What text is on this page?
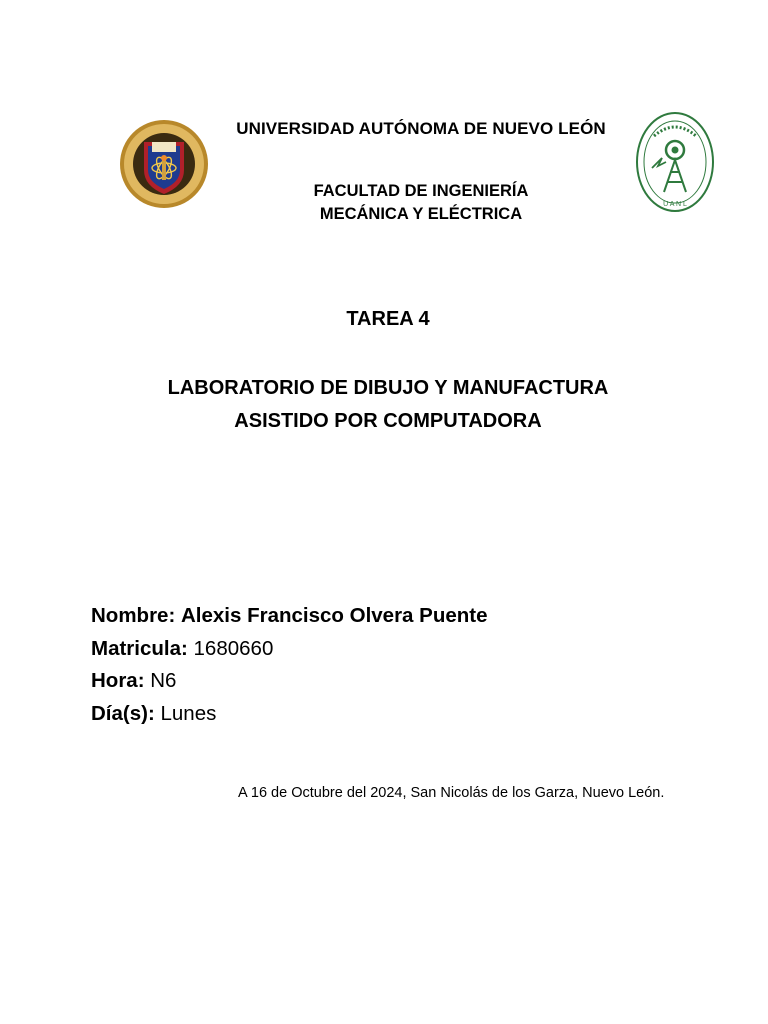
U A N L
UNIVERSIDAD AUTÓNOMA DE NUEVO LEÓN
FACULTAD DE INGENIERÍA
MECÁNICA Y ELÉCTRICA
TAREA 4
LABORATORIO DE DIBUJO Y MANUFACTURA
ASISTIDO POR COMPUTADORA
Nombre: Alexis Francisco Olvera Puente
Matricula: 1680660
Hora: N6
Día(s): Lunes
A 16 de Octubre del 2024, San Nicolás de los Garza, Nuevo León.
